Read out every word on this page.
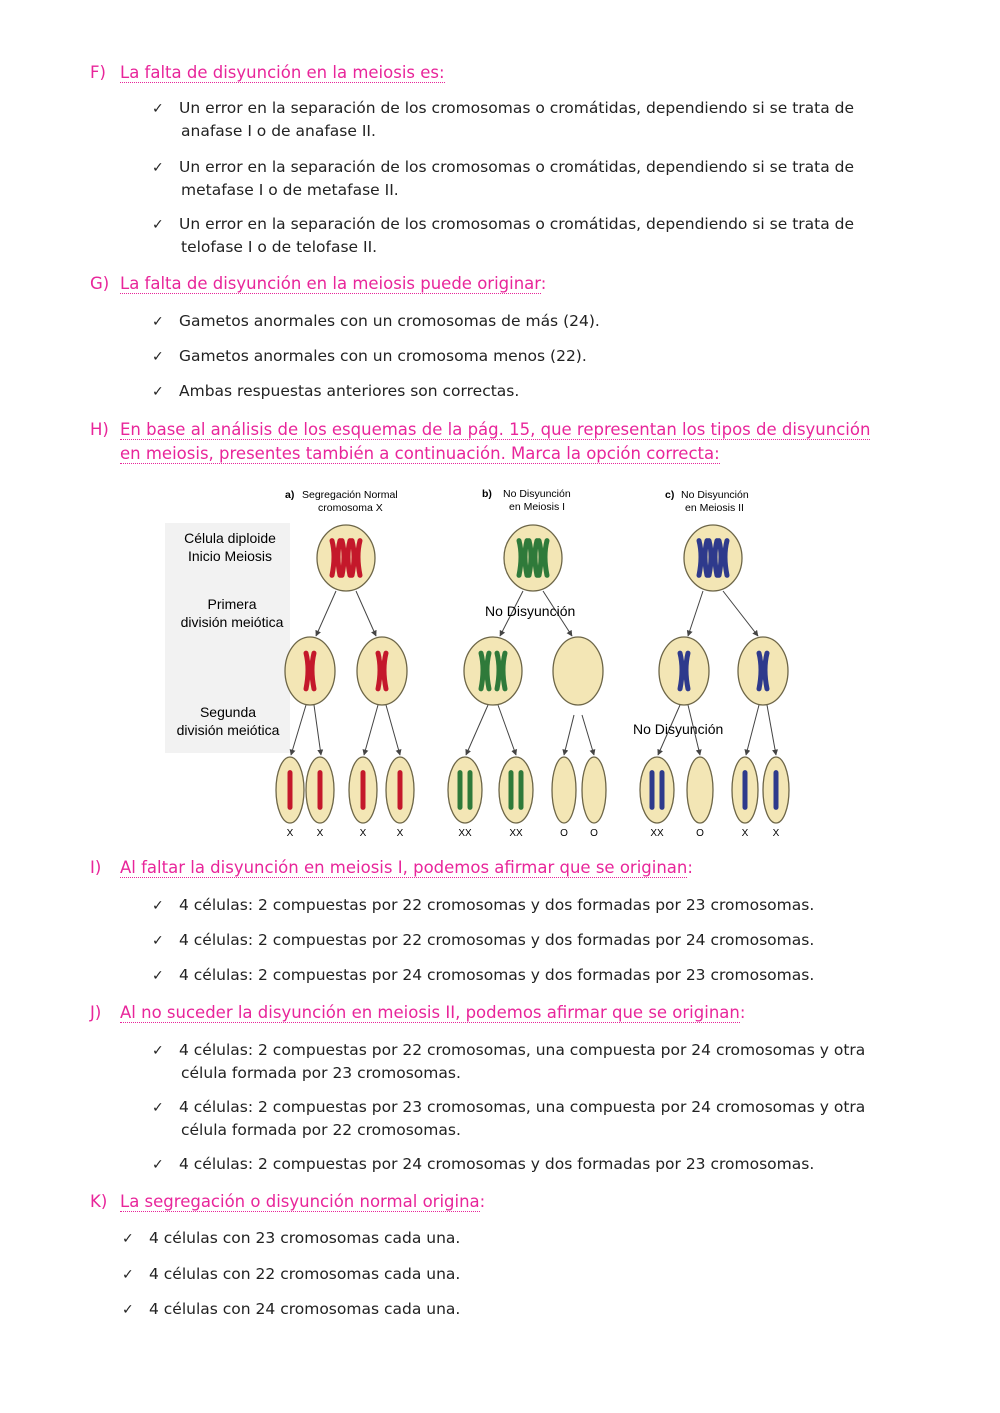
F) La falta de disyunción en la meiosis es:
✓ Un error en la separación de los cromosomas o cromátidas, dependiendo si se trata de
anafase I o de anafase II.
✓ Un error en la separación de los cromosomas o cromátidas, dependiendo si se trata de
metafase I o de metafase II.
✓ Un error en la separación de los cromosomas o cromátidas, dependiendo si se trata de
telofase I o de telofase II.
G) La falta de disyunción en la meiosis puede originar:
✓ Gametos anormales con un cromosomas de más (24).
✓ Gametos anormales con un cromosoma menos (22).
✓ Ambas respuestas anteriores son correctas.
H) En base al análisis de los esquemas de la pág. 15, que representan los tipos de disyunción
en meiosis, presentes también a continuación. Marca la opción correcta:
Célula diploide
Inicio Meiosis
Primera
división meiótica
Segunda
división meiótica
a) Segregación Normal
cromosoma X
b) No Disyunción
en Meiosis I
c) No Disyunción
en Meiosis II
No Disyunción
No Disyunción
X X	X	X	XX	XX	O O	XX	O	X X
I) Al faltar la disyunción en meiosis I, podemos afirmar que se originan:
✓ 4 células: 2 compuestas por 22 cromosomas y dos formadas por 23 cromosomas.
✓ 4 células: 2 compuestas por 22 cromosomas y dos formadas por 24 cromosomas.
✓ 4 células: 2 compuestas por 24 cromosomas y dos formadas por 23 cromosomas.
J) Al no suceder la disyunción en meiosis II, podemos afirmar que se originan:
✓ 4 células: 2 compuestas por 22 cromosomas, una compuesta por 24 cromosomas y otra
célula formada por 23 cromosomas.
✓ 4 células: 2 compuestas por 23 cromosomas, una compuesta por 24 cromosomas y otra
célula formada por 22 cromosomas.
✓ 4 células: 2 compuestas por 24 cromosomas y dos formadas por 23 cromosomas.
K) La segregación o disyunción normal origina:
✓ 4 células con 23 cromosomas cada una.
✓ 4 células con 22 cromosomas cada una.
✓ 4 células con 24 cromosomas cada una.
